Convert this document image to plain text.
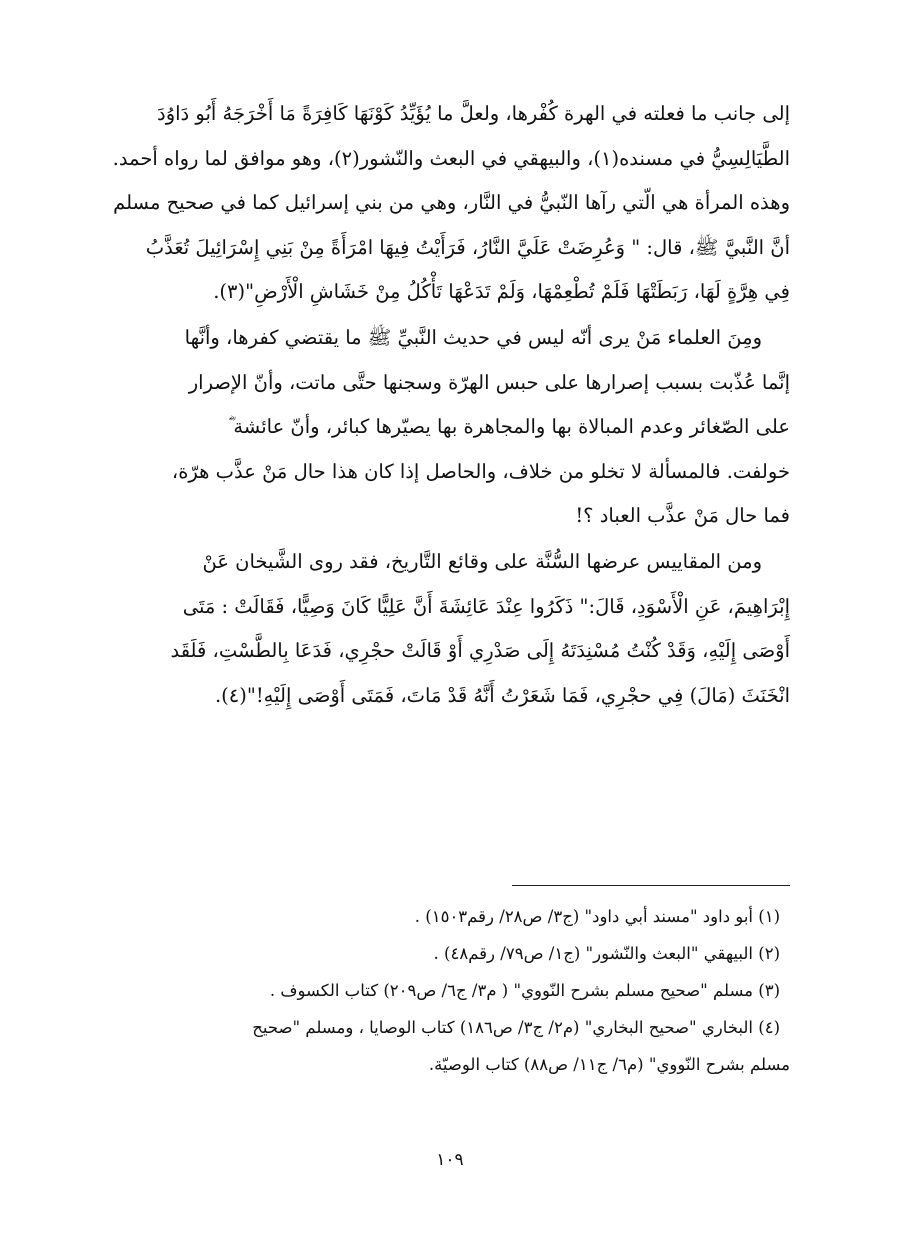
إلى جانب ما فعلته في الهرة كُفْرها، ولعلَّ ما يُؤَيِّدُ كَوْنَهَا كَافِرَةً مَا أَخْرَجَهُ أَبُو دَاوُدَ
الطَّيَالِسِيُّ في مسنده(١)، والبيهقي في البعث والنّشور(٢)، وهو موافق لما رواه أحمد.
وهذه المرأة هي الّتي رآها النّبيُّ في النَّار، وهي من بني إسرائيل كما في صحيح مسلم
أنَّ النَّبيَّ ﷺ، قال: " وَعُرِضَتْ عَلَيَّ النَّارُ، فَرَأَيْتُ فِيهَا امْرَأَةً مِنْ بَنِي إِسْرَائِيلَ تُعَذَّبُ
فِي هِرَّةٍ لَهَا، رَبَطَتْهَا فَلَمْ تُطْعِمْهَا، وَلَمْ تَدَعْهَا تَأْكُلُ مِنْ خَشَاشِ الْأَرْضِ"(٣).

ومِنَ العلماء مَنْ يرى أنّه ليس في حديث النَّبيِّ ﷺ ما يقتضي كفرها، وأنَّها
إنَّما عُذّبت بسبب إصرارها على حبس الهرّة وسجنها حتَّى ماتت، وأنّ الإصرار
على الصّغائر وعدم المبالاة بها والمجاهرة بها يصيّرها كبائر، وأنّ عائشة ؓ
خولفت. فالمسألة لا تخلو من خلاف، والحاصل إذا كان هذا حال مَنْ عذَّب هرّة،
فما حال مَنْ عذَّب العباد ؟!

ومن المقاييس عرضها السُّنَّة على وقائع التَّاريخ، فقد روى الشَّيخان عَنْ
إِبْرَاهِيمَ، عَنِ الْأَسْوَدِ، قَالَ:" ذَكَرُوا عِنْدَ عَائِشَةَ أَنَّ عَلِيًّا كَانَ وَصِيًّا، فَقَالَتْ : مَتَى
أَوْصَى إِلَيْهِ، وَقَدْ كُنْتُ مُسْنِدَتَهُ إِلَى صَدْرِي أَوْ قَالَتْ حجْرِي، فَدَعَا بِالطَّسْتِ، فَلَقَد
انْخَنَثَ (مَالَ) فِي حجْرِي، فَمَا شَعَرْتُ أَنَّهُ قَدْ مَاتَ، فَمَتَى أَوْصَى إِلَيْهِ!"(٤).

(١) أبو داود "مسند أبي داود" (ج٣/ ص٢٨/ رقم١٥٠٣) .

(٢) البيهقي "البعث والنّشور" (ج١/ ص٧٩/ رقم٤٨) .

(٣) مسلم "صحيح مسلم بشرح النّووي" ( م٣/ ج٦/ ص٢٠٩) كتاب الكسوف .

(٤) البخاري "صحيح البخاري" (م٢/ ج٣/ ص١٨٦) كتاب الوصايا ، ومسلم "صحيح
مسلم بشرح النّووي" (م٦/ ج١١/ ص٨٨) كتاب الوصيّة.

١٠٩
